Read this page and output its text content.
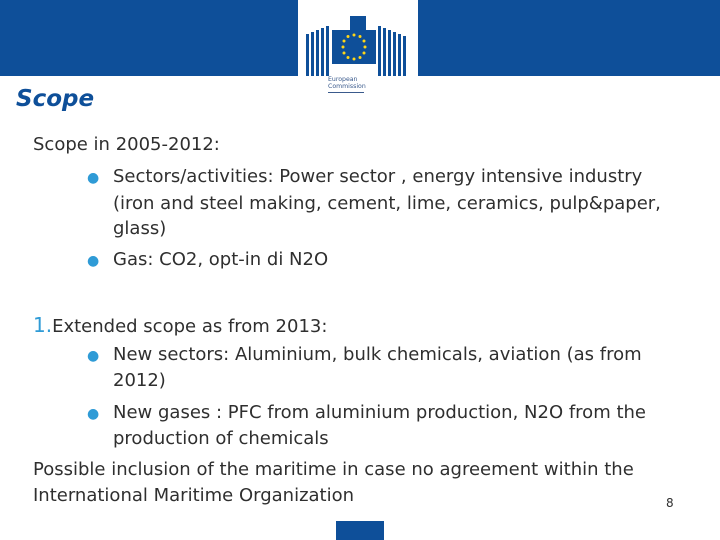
European
Commission
Scope
Scope in 2005-2012:
● Sectors/activities: Power sector , energy intensive industry
(iron and steel making, cement, lime, ceramics, pulp&paper,
glass)
● Gas: CO2, opt-in di N2O
1.Extended scope as from 2013:
● New sectors: Aluminium, bulk chemicals, aviation (as from
2012)
● New gases : PFC from aluminium production, N2O from the
production of chemicals
Possible inclusion of the maritime in case no agreement within the
International Maritime Organization	8
